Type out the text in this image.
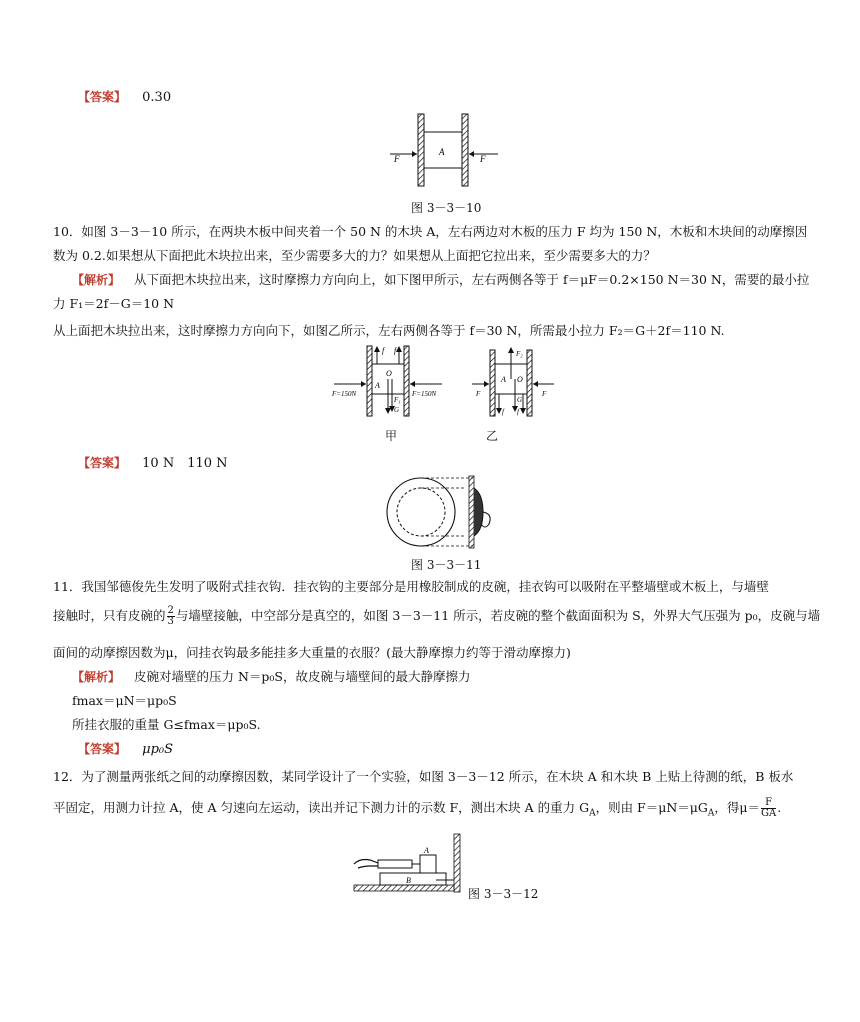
【答案】 0.30
A
F	F
图 3－3－10
10．如图 3－3－10 所示，在两块木板中间夹着一个 50 N 的木块 A，左右两边对木板的压力 F 均为 150 N，木板和木块间的动摩擦因
数为 0.2.如果想从下面把此木块拉出来，至少需要多大的力？如果想从上面把它拉出来，至少需要多大的力？
【解析】 从下面把木块拉出来，这时摩擦力方向向上，如下图甲所示，左右两侧各等于 f＝μF＝0.2×150 N＝30 N，需要的最小拉
力 F₁＝2f－G＝10 N
从上面把木块拉出来，这时摩擦力方向向下，如图乙所示，左右两侧各等于 f＝30 N，所需最小拉力 F₂＝G＋2f＝110 N.
f f
O
A
F₁
G
F=150N	F=150N
甲
F₂
A O
G
f f
F	F
乙
【答案】 10 N　110 N
图 3－3－11
11．我国邹德俊先生发明了吸附式挂衣钩．挂衣钩的主要部分是用橡胶制成的皮碗，挂衣钩可以吸附在平整墙壁或木板上，与墙壁
接触时，只有皮碗的 $\frac{2}{3}$ 与墙壁接触，中空部分是真空的，如图 3－3－11 所示，若皮碗的整个截面面积为 S，外界大气压强为 p₀，皮碗与墙
面间的动摩擦因数为μ，问挂衣钩最多能挂多大重量的衣服？(最大静摩擦力约等于滑动摩擦力)
【解析】 皮碗对墙壁的压力 N＝p₀S，故皮碗与墙壁间的最大静摩擦力
fmax＝μN＝μp₀S
所挂衣服的重量 G≤fmax＝μp₀S.
【答案】 μp₀S
12．为了测量两张纸之间的动摩擦因数，某同学设计了一个实验，如图 3－3－12 所示，在木块 A 和木块 B 上贴上待测的纸，B 板水
平固定，用测力计拉 A，使 A 匀速向左运动，读出并记下测力计的示数 F，测出木块 A 的重力 $G_A$，则由 $F=\mu N=\mu G_A$，得$\mu= \frac{F}{GA}$ .
A
B
图 3－3－12
